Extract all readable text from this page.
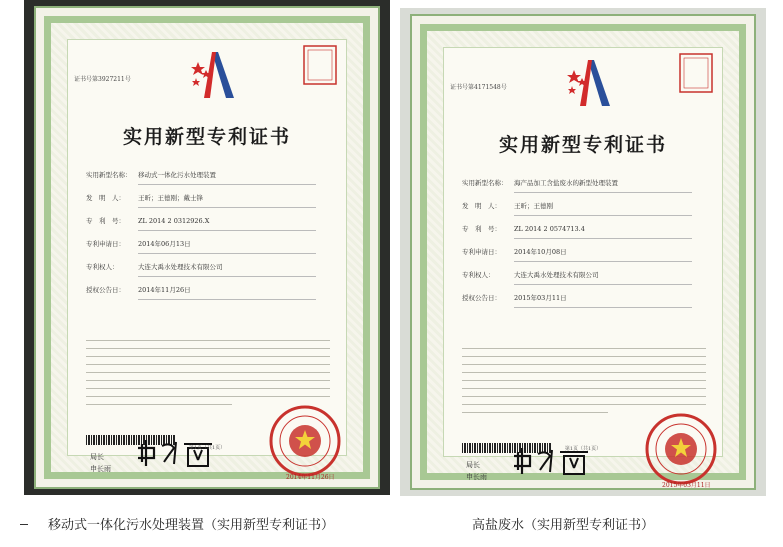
证书号第3927211号
实用新型专利证书
实用新型名称： 移动式一体化污水处理装置
发　明　人： 王昕；王德刚；戴士锋
专　利　号： ZL 2014 2 0312926.X
专利申请日： 2014年06月13日
专利权人：	大连大禹水处理技术有限公司
授权公告日： 2014年11月26日
局长
申长雨
2014年11月26日
第1页（共1页）
证书号第4171548号
实用新型专利证书
实用新型名称： 海产品加工含盐废水的新型处理装置
发　明　人： 王昕；王德刚
专　利　号： ZL 2014 2 0574713.4
专利申请日： 2014年10月08日
专利权人：	大连大禹水处理技术有限公司
授权公告日： 2015年03月11日
局长
申长雨
2015年03月11日
第1页（共1页）
移动式一体化污水处理装置（实用新型专利证书）	高盐废水（实用新型专利证书）
